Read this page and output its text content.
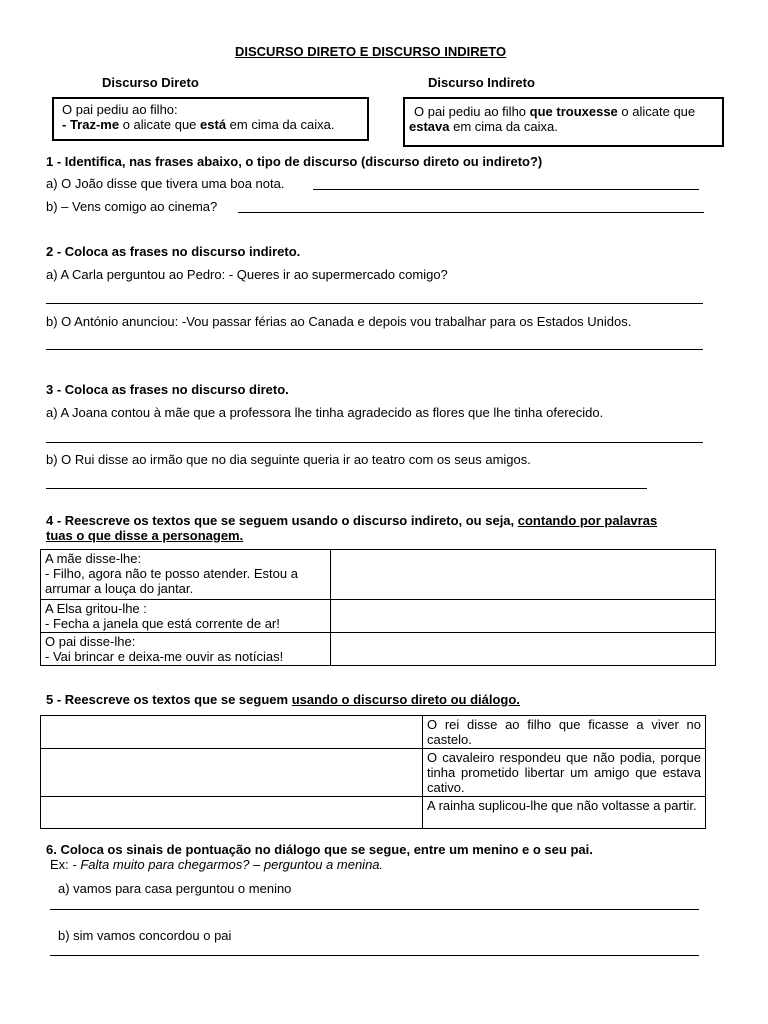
DISCURSO DIRETO E DISCURSO INDIRETO
Discurso Direto	Discurso Indireto
O pai pediu ao filho:
- Traz-me o alicate que está em cima da caixa.
O pai pediu ao filho que trouxesse o alicate que
estava em cima da caixa.
1 - Identifica, nas frases abaixo, o tipo de discurso (discurso direto ou indireto?)
a) O João disse que tivera uma boa nota.
b) – Vens comigo ao cinema?
2 - Coloca as frases no discurso indireto.
a) A Carla perguntou ao Pedro: - Queres ir ao supermercado comigo?
b) O António anunciou: -Vou passar férias ao Canada e depois vou trabalhar para os Estados Unidos.
3 - Coloca as frases no discurso direto.
a) A Joana contou à mãe que a professora lhe tinha agradecido as flores que lhe tinha oferecido.
b) O Rui disse ao irmão que no dia seguinte queria ir ao teatro com os seus amigos.
4 - Reescreve os textos que se seguem usando o discurso indireto, ou seja, contando por palavras
tuas o que disse a personagem.
A mãe disse-lhe:
- Filho, agora não te posso atender. Estou a arrumar a louça do jantar.	

A Elsa gritou-lhe :
- Fecha a janela que está corrente de ar!	

O pai disse-lhe:
- Vai brincar e deixa-me ouvir as notícias!	

5 - Reescreve os textos que se seguem usando o discurso direto ou diálogo.
	O rei disse ao filho que ficasse a viver no castelo.
	O cavaleiro respondeu que não podia, porque tinha prometido libertar um amigo que estava cativo.
	A rainha suplicou-lhe que não voltasse a partir.
6. Coloca os sinais de pontuação no diálogo que se segue, entre um menino e o seu pai.
Ex: - Falta muito para chegarmos? – perguntou a menina.
a) vamos para casa perguntou o menino
b) sim vamos concordou o pai
